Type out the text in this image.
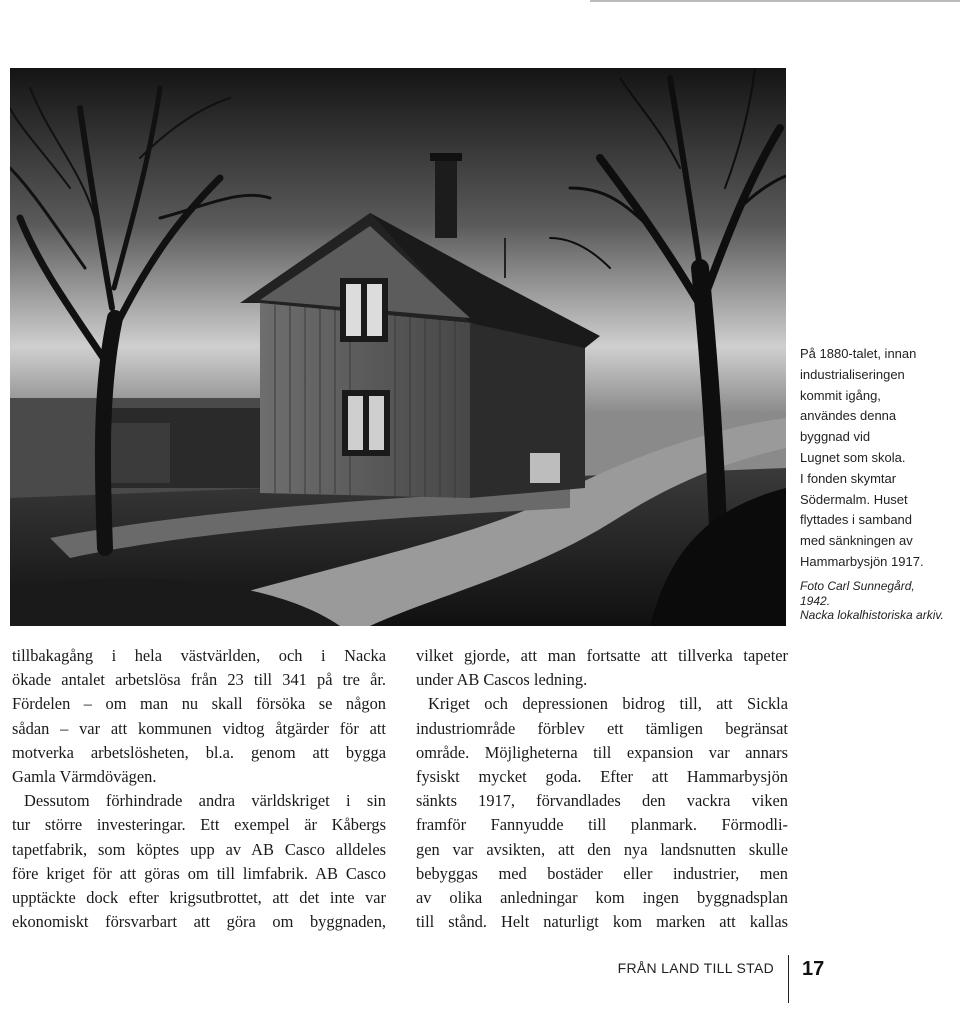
På 1880-talet, innan

industrialiseringen

kommit igång,

användes denna

byggnad vid

Lugnet som skola.

I fonden skymtar

Södermalm. Huset

flyttades i samband

med sänkningen av

Hammarbysjön 1917.

Foto Carl Sunnegård,

1942.

Nacka lokalhistoriska arkiv.

tillbakagång i hela västvärlden, och i Nacka

ökade antalet arbetslösa från 23 till 341 på tre år.

Fördelen – om man nu skall försöka se någon

sådan – var att kommunen vidtog åtgärder för att

motverka arbetslösheten, bl.a. genom att bygga

Gamla Värmdövägen.

Dessutom förhindrade andra världskriget i sin

tur större investeringar. Ett exempel är Kåbergs

tapetfabrik, som köptes upp av AB Casco alldeles

före kriget för att göras om till limfabrik. AB Casco

upptäckte dock efter krigsutbrottet, att det inte var

ekonomiskt försvarbart att göra om byggnaden,

vilket gjorde, att man fortsatte att tillverka tapeter

under AB Cascos ledning.

Kriget och depressionen bidrog till, att Sickla

industriområde förblev ett tämligen begränsat

område. Möjligheterna till expansion var annars

fysiskt mycket goda. Efter att Hammarbysjön

sänkts 1917, förvandlades den vackra viken

framför Fannyudde till planmark. Förmodli-

gen var avsikten, att den nya landsnutten skulle

bebyggas med bostäder eller industrier, men

av olika anledningar kom ingen byggnadsplan

till stånd. Helt naturligt kom marken att kallas

FRÅN LAND TILL STAD 17
